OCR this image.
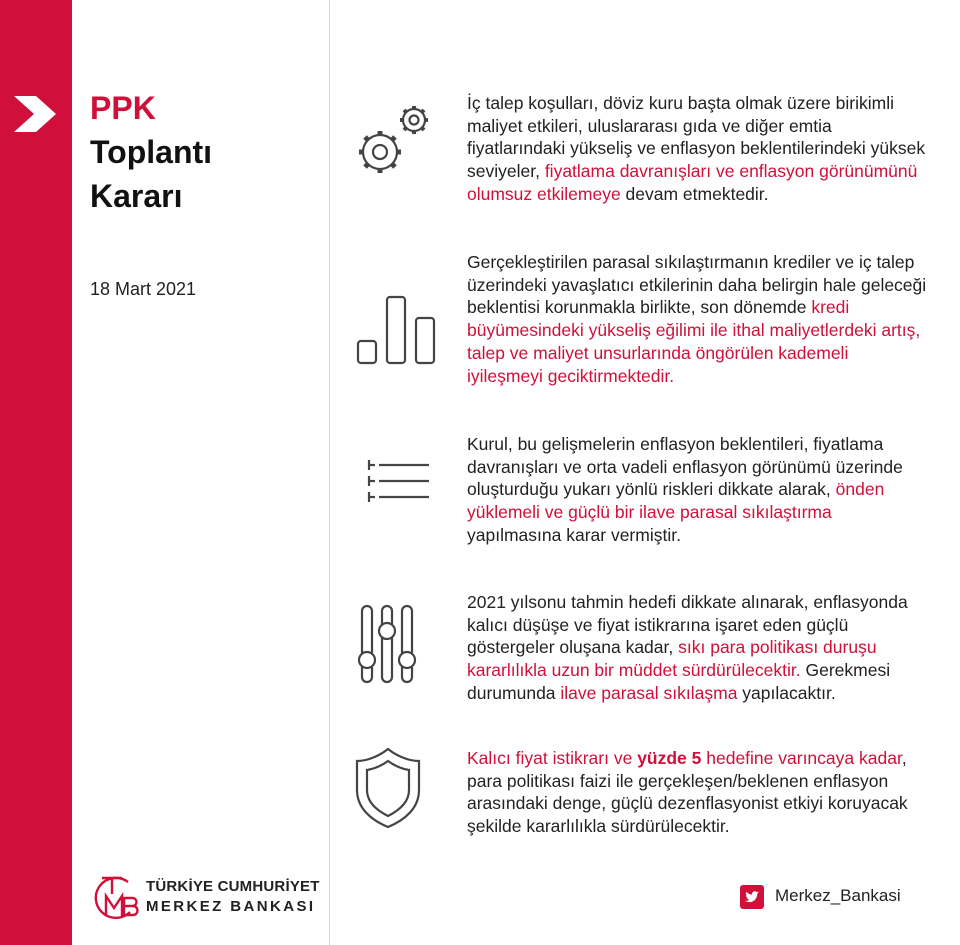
PPK
Toplantı
Kararı
18 Mart 2021
İç talep koşulları, döviz kuru başta olmak üzere birikimli maliyet etkileri, uluslararası gıda ve diğer emtia fiyatlarındaki yükseliş ve enflasyon beklentilerindeki yüksek seviyeler, fiyatlama davranışları ve enflasyon görünümünü olumsuz etkilemeye devam etmektedir.
Gerçekleştirilen parasal sıkılaştırmanın krediler ve iç talep üzerindeki yavaşlatıcı etkilerinin daha belirgin hale geleceği beklentisi korunmakla birlikte, son dönemde kredi büyümesindeki yükseliş eğilimi ile ithal maliyetlerdeki artış, talep ve maliyet unsurlarında öngörülen kademeli iyileşmeyi geciktirmektedir.
Kurul, bu gelişmelerin enflasyon beklentileri, fiyatlama davranışları ve orta vadeli enflasyon görünümü üzerinde oluşturduğu yukarı yönlü riskleri dikkate alarak, önden yüklemeli ve güçlü bir ilave parasal sıkılaştırma yapılmasına karar vermiştir.
2021 yılsonu tahmin hedefi dikkate alınarak, enflasyonda kalıcı düşüşe ve fiyat istikrarına işaret eden güçlü göstergeler oluşana kadar, sıkı para politikası duruşu kararlılıkla uzun bir müddet sürdürülecektir. Gerekmesi durumunda ilave parasal sıkılaşma yapılacaktır.
Kalıcı fiyat istikrarı ve yüzde 5 hedefine varıncaya kadar, para politikası faizi ile gerçekleşen/beklenen enflasyon arasındaki denge, güçlü dezenflasyonist etkiyi koruyacak şekilde kararlılıkla sürdürülecektir.
TÜRKİYE CUMHURİYET
MERKEZ BANKASI
Merkez_Bankasi
